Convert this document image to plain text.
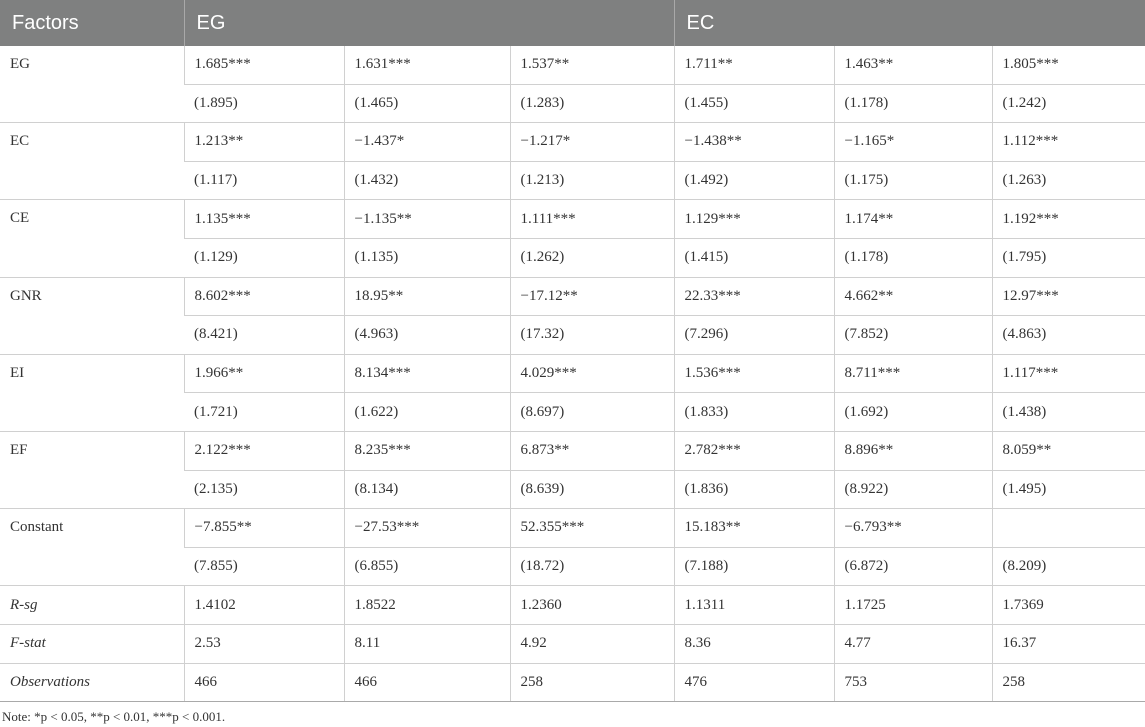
Factors	EG			EC		
EG	1.685***	1.631***	1.537**	1.711**	1.463**	1.805***
	(1.895)	(1.465)	(1.283)	(1.455)	(1.178)	(1.242)
EC	1.213**	−1.437*	−1.217*	−1.438**	−1.165*	1.112***
	(1.117)	(1.432)	(1.213)	(1.492)	(1.175)	(1.263)
CE	1.135***	−1.135**	1.111***	1.129***	1.174**	1.192***
	(1.129)	(1.135)	(1.262)	(1.415)	(1.178)	(1.795)
GNR	8.602***	18.95**	−17.12**	22.33***	4.662**	12.97***
	(8.421)	(4.963)	(17.32)	(7.296)	(7.852)	(4.863)
EI	1.966**	8.134***	4.029***	1.536***	8.711***	1.117***
	(1.721)	(1.622)	(8.697)	(1.833)	(1.692)	(1.438)
EF	2.122***	8.235***	6.873**	2.782***	8.896**	8.059**
	(2.135)	(8.134)	(8.639)	(1.836)	(8.922)	(1.495)
Constant	−7.855**	−27.53***	52.355***	15.183**	−6.793**	
	(7.855)	(6.855)	(18.72)	(7.188)	(6.872)	(8.209)
R-sg	1.4102	1.8522	1.2360	1.1311	1.1725	1.7369
F-stat	2.53	8.11	4.92	8.36	4.77	16.37
Observations	466	466	258	476	753	258
Note: *p < 0.05, **p < 0.01, ***p < 0.001.
